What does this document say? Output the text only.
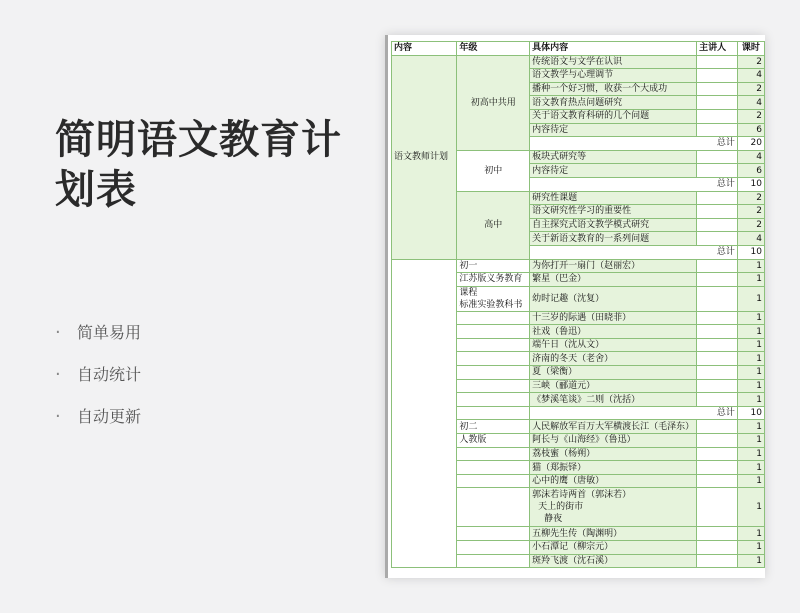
简明语文教育计
划表
· 简单易用
· 自动统计
· 自动更新
内容	年级	具体内容	主讲人	课时
语文教师计划	初高中共用	传统语文与文学在认识		2
		语文教学与心理调节		4
		播种一个好习惯，收获一个大成功		2
		语文教育热点问题研究		4
		关于语文教育科研的几个问题		2
		内容待定		6
		总计		20
	初中	板块式研究等		4
		内容待定		6
		总计		10
	高中	研究性课题		2
		语文研究性学习的重要性		2
		自主探究式语文教学模式研究		2
		关于新语文教育的一系列问题		4
		总计		10
	初一	为你打开一扇门（赵丽宏）		1
	江苏版义务教育	繁星（巴金）		1
	课程
标准实验教科书	幼时记趣（沈复）		1
		十三岁的际遇（田晓菲）		1
		社戏（鲁迅）		1
		端午日（沈从文）		1
		济南的冬天（老舍）		1
		夏（梁衡）		1
		三峡（郦道元）		1
		《梦溪笔谈》二则（沈括）		1
		总计		10
	初二	人民解放军百万大军横渡长江（毛泽东）		1
	人教版	阿长与《山海经》（鲁迅）		1
		荔枝蜜（杨朔）		1
		猫（郑振铎）		1
		心中的鹰（唐敏）		1
		郭沫若诗两首（郭沫若）
天上的街市
静夜		1

		五柳先生传（陶渊明）		1
		小石潭记（柳宗元）		1
		斑羚飞渡（沈石溪）		1
